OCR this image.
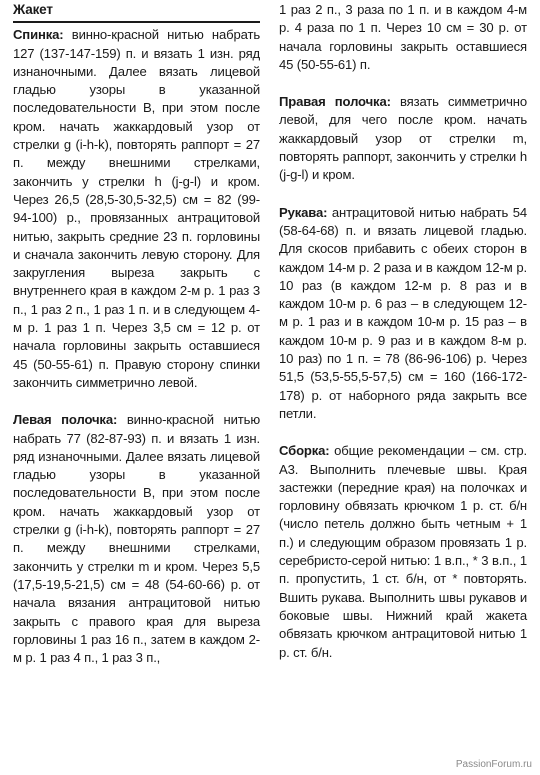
Жакет

Спинка: винно-красной нитью набрать 127 (137-147-159) п. и вязать 1 изн. ряд изнаночными. Далее вязать лицевой гладью узоры в указанной последовательности В, при этом после кром. начать жаккардовый узор от стрелки g (i-h-k), повторять раппорт = 27 п. между внешними стрелками, закончить у стрелки h (j-g-l) и кром. Через 26,5 (28,5-30,5-32,5) см = 82 (99-94-100) р., провязанных антрацитовой нитью, закрыть средние 23 п. горловины и сначала закончить левую сторону. Для закругления выреза закрыть с внутреннего края в каждом 2-м р. 1 раз 3 п., 1 раз 2 п., 1 раз 1 п. и в следующем 4-м р. 1 раз 1 п. Через 3,5 см = 12 р. от начала горловины закрыть оставшиеся 45 (50-55-61) п. Правую сторону спинки закончить симметрично левой.

Левая полочка: винно-красной нитью набрать 77 (82-87-93) п. и вязать 1 изн. ряд изнаночными. Далее вязать лицевой гладью узоры в указанной последовательности В, при этом после кром. начать жаккардовый узор от стрелки g (i-h-k), повторять раппорт = 27 п. между внешними стрелками, закончить у стрелки m и кром. Через 5,5 (17,5-19,5-21,5) см = 48 (54-60-66) р. от начала вязания антрацитовой нитью закрыть с правого края для выреза горловины 1 раз 16 п., затем в каждом 2-м р. 1 раз 4 п., 1 раз 3 п.,

1 раз 2 п., 3 раза по 1 п. и в каждом 4-м р. 4 раза по 1 п. Через 10 см = 30 р. от начала горловины закрыть оставшиеся 45 (50-55-61) п.

Правая полочка: вязать симметрично левой, для чего после кром. начать жаккардовый узор от стрелки m, повторять раппорт, закончить у стрелки h (j-g-l) и кром.

Рукава: антрацитовой нитью набрать 54 (58-64-68) п. и вязать лицевой гладью. Для скосов прибавить с обеих сторон в каждом 14-м р. 2 раза и в каждом 12-м р. 10 раз (в каждом 12-м р. 8 раз и в каждом 10-м р. 6 раз – в следующем 12-м р. 1 раз и в каждом 10-м р. 15 раз – в каждом 10-м р. 9 раз и в каждом 8-м р. 10 раз) по 1 п. = 78 (86-96-106) р. Через 51,5 (53,5-55,5-57,5) см = 160 (166-172-178) р. от наборного ряда закрыть все петли.

Сборка: общие рекомендации – см. стр. А3. Выполнить плечевые швы. Края застежки (передние края) на полочках и горловину обвязать крючком 1 р. ст. б/н (число петель должно быть четным + 1 п.) и следующим образом провязать 1 р. серебристо-серой нитью: 1 в.п., * 3 в.п., 1 п. пропустить, 1 ст. б/н, от * повторять. Вшить рукава. Выполнить швы рукавов и боковые швы. Нижний край жакета обвязать крючком антрацитовой нитью 1 р. ст. б/н.

PassionForum.ru
